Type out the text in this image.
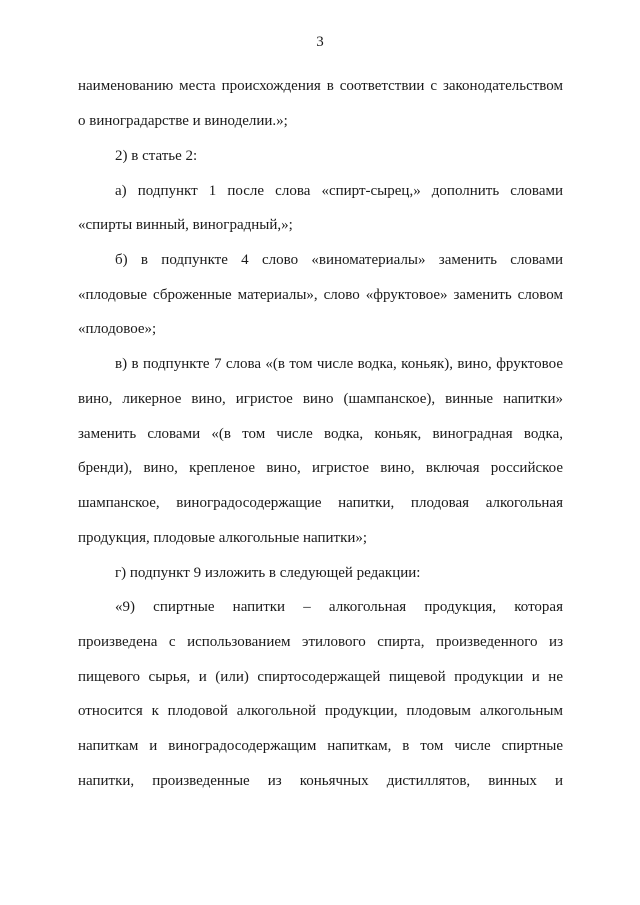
3
наименованию места происхождения в соответствии с законодательством
о виноградарстве и виноделии.»;
2) в статье 2:
а) подпункт 1 после слова «спирт-сырец,» дополнить словами
«спирты винный, виноградный,»;
б) в подпункте 4 слово «виноматериалы» заменить словами
«плодовые сброженные материалы», слово «фруктовое» заменить словом
«плодовое»;
в) в подпункте 7 слова «(в том числе водка, коньяк), вино, фруктовое
вино, ликерное вино, игристое вино (шампанское), винные напитки»
заменить словами «(в том числе водка, коньяк, виноградная водка,
бренди), вино, крепленое вино, игристое вино, включая российское
шампанское, виноградосодержащие напитки, плодовая алкогольная
продукция, плодовые алкогольные напитки»;
г) подпункт 9 изложить в следующей редакции:
«9) спиртные напитки – алкогольная продукция, которая
произведена с использованием этилового спирта, произведенного из
пищевого сырья, и (или) спиртосодержащей пищевой продукции и не
относится к плодовой алкогольной продукции, плодовым алкогольным
напиткам и виноградосодержащим напиткам, в том числе спиртные
напитки, произведенные из коньячных дистиллятов, винных и
